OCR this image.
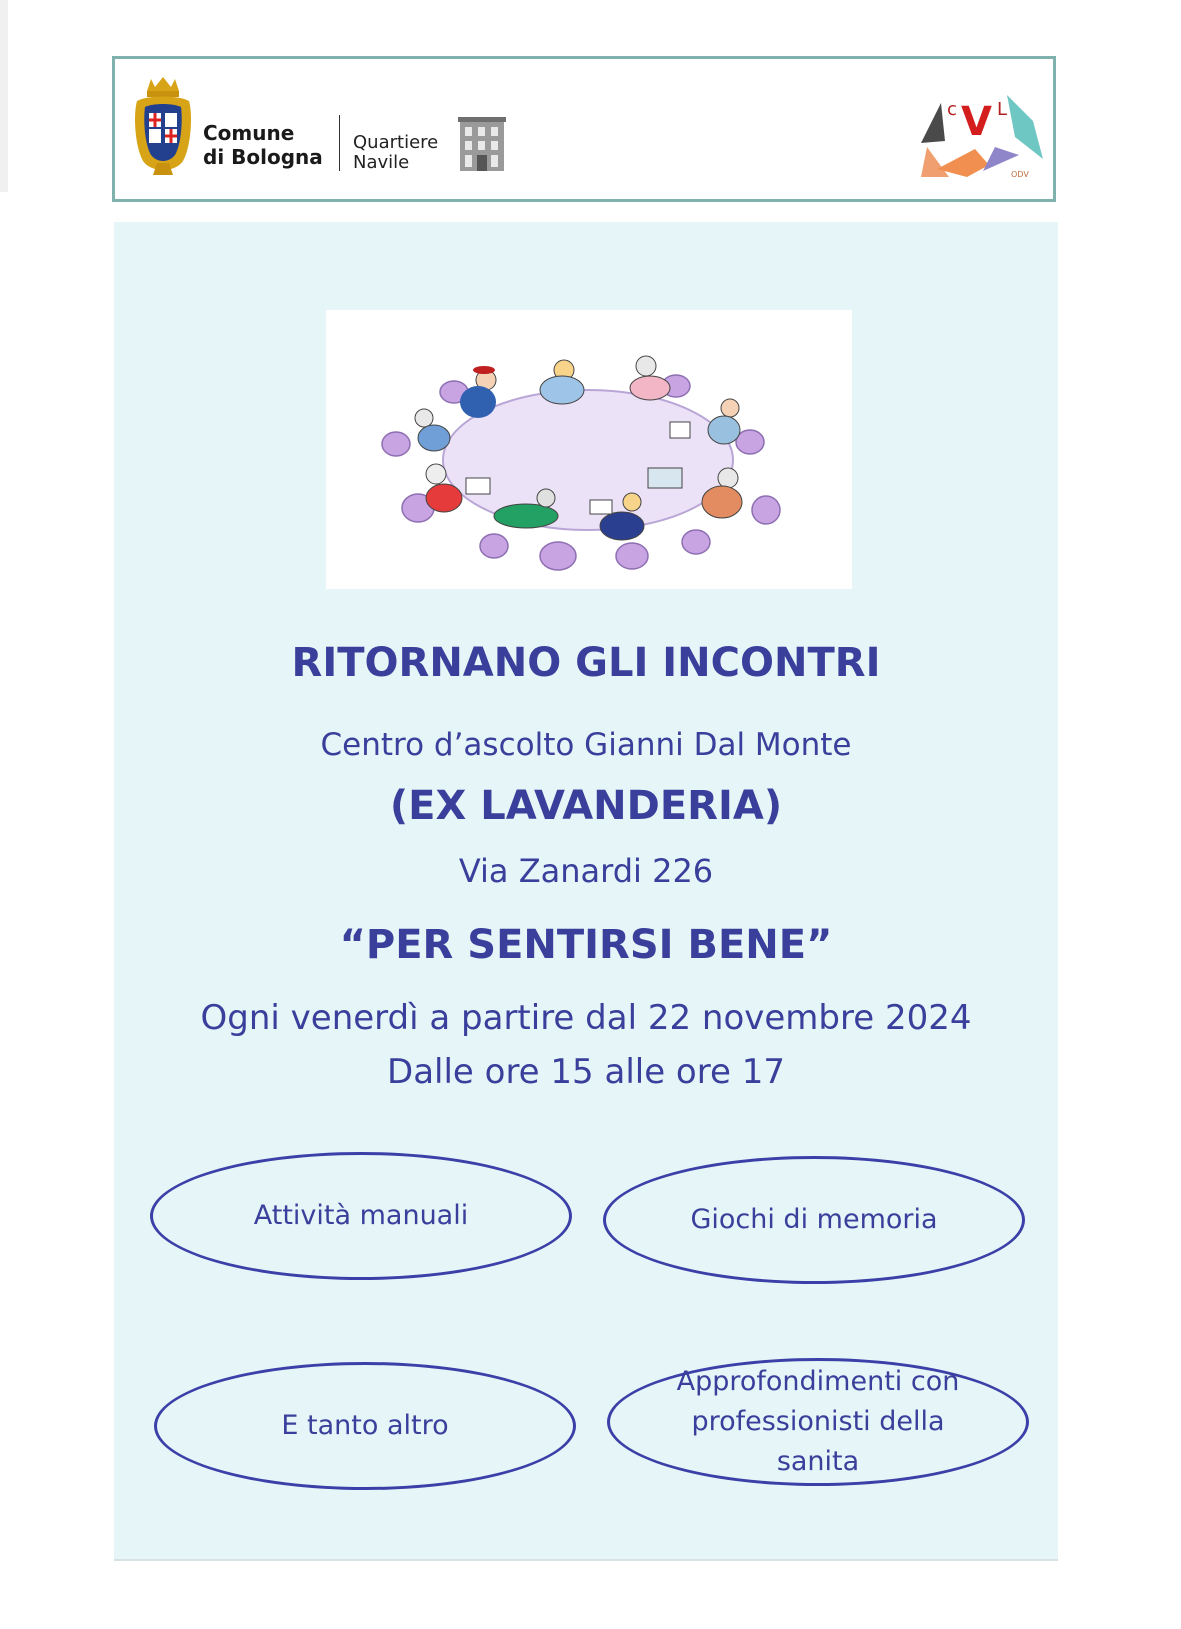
Comune
di Bologna
Quartiere
Navile
c V L
ODV
RITORNANO GLI INCONTRI
Centro d’ascolto Gianni Dal Monte
(EX LAVANDERIA)
Via Zanardi 226
“PER SENTIRSI BENE”
Ogni venerdì a partire dal 22 novembre 2024
Dalle ore 15 alle ore 17
Attività manuali	Giochi di memoria
E tanto altro
Approfondimenti con professionisti della sanita
